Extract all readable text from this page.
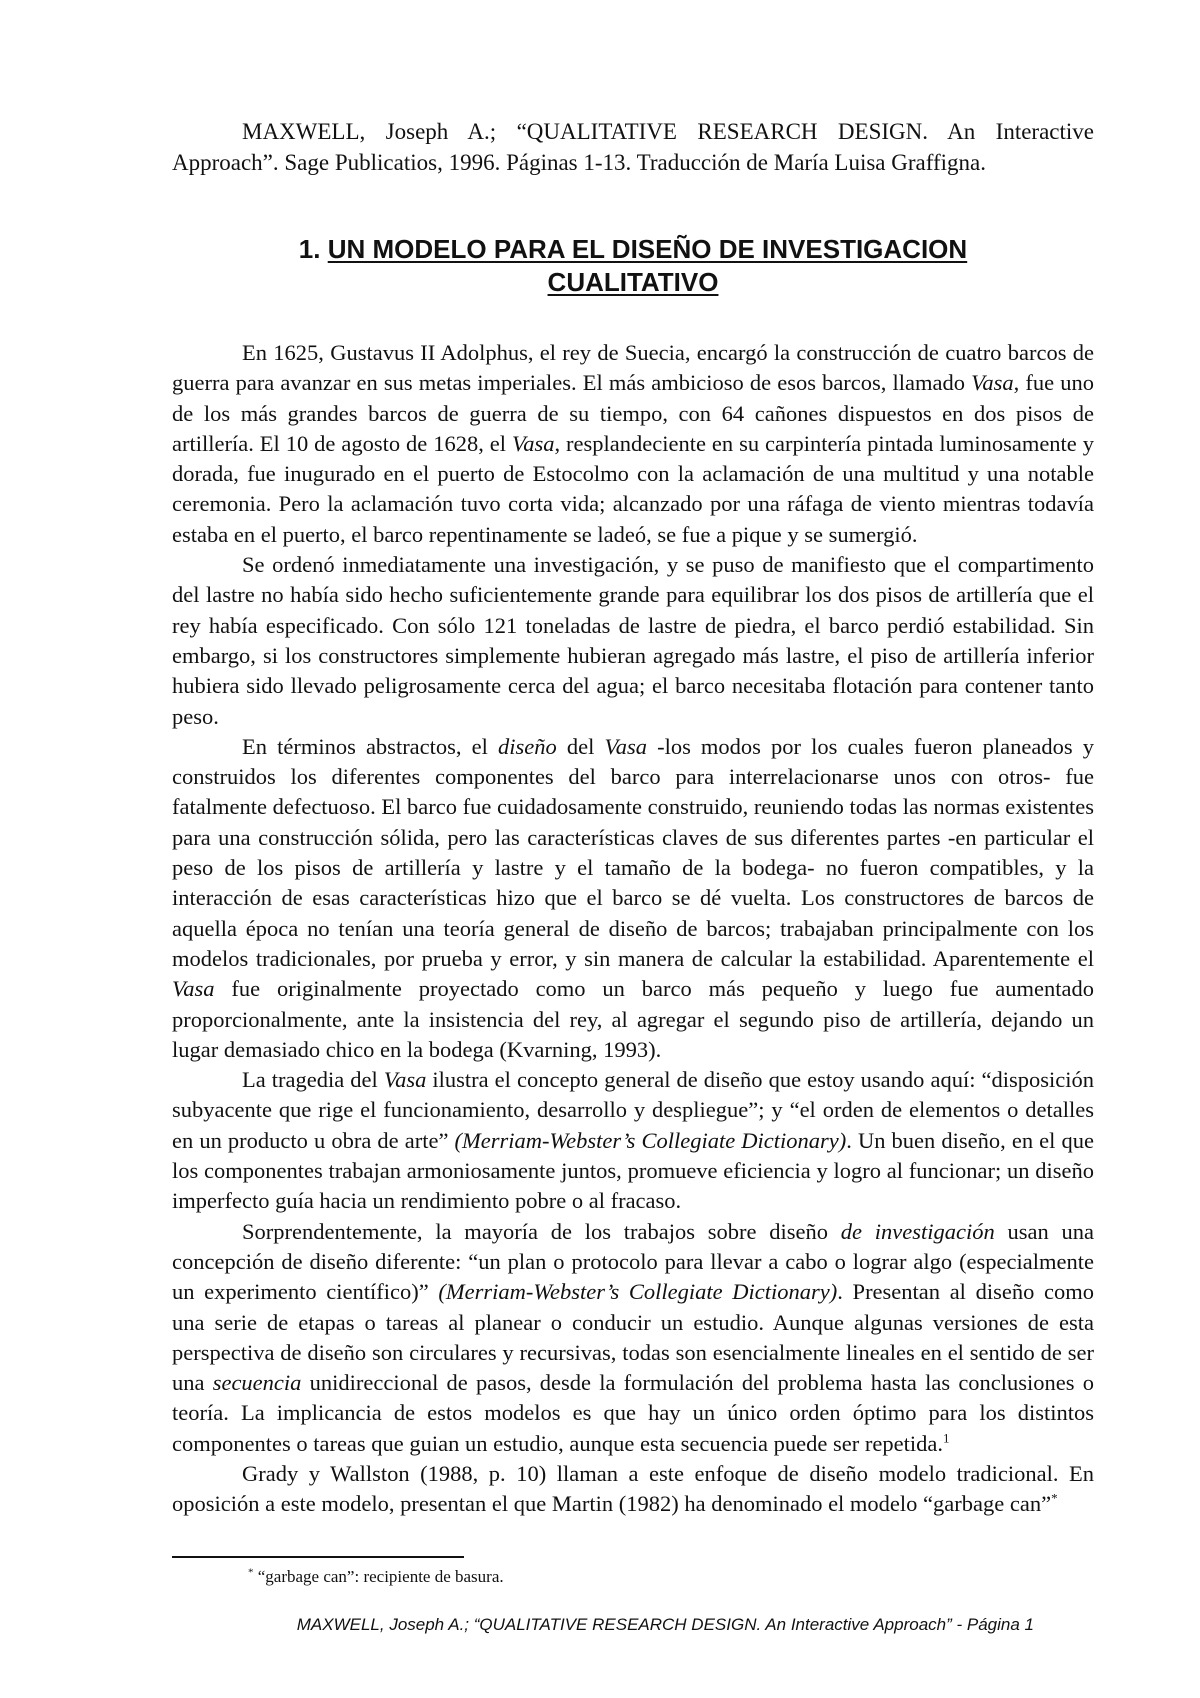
MAXWELL, Joseph A.; “QUALITATIVE RESEARCH DESIGN. An Interactive Approach”. Sage Publicatios, 1996. Páginas 1-13. Traducción de María Luisa Graffigna.
1. UN MODELO PARA EL DISEÑO DE INVESTIGACION
CUALITATIVO

En 1625, Gustavus II Adolphus, el rey de Suecia, encargó la construcción de cuatro barcos de guerra para avanzar en sus metas imperiales. El más ambicioso de esos barcos, llamado Vasa, fue uno de los más grandes barcos de guerra de su tiempo, con 64 cañones dispuestos en dos pisos de artillería. El 10 de agosto de 1628, el Vasa, resplandeciente en su carpintería pintada luminosamente y dorada, fue inugurado en el puerto de Estocolmo con la aclamación de una multitud y una notable ceremonia. Pero la aclamación tuvo corta vida; alcanzado por una ráfaga de viento mientras todavía estaba en el puerto, el barco repentinamente se ladeó, se fue a pique y se sumergió.

Se ordenó inmediatamente una investigación, y se puso de manifiesto que el compartimento del lastre no había sido hecho suficientemente grande para equilibrar los dos pisos de artillería que el rey había especificado. Con sólo 121 toneladas de lastre de piedra, el barco perdió estabilidad. Sin embargo, si los constructores simplemente hubieran agregado más lastre, el piso de artillería inferior hubiera sido llevado peligrosamente cerca del agua; el barco necesitaba flotación para contener tanto peso.

En términos abstractos, el diseño del Vasa -los modos por los cuales fueron planeados y construidos los diferentes componentes del barco para interrelacionarse unos con otros- fue fatalmente defectuoso. El barco fue cuidadosamente construido, reuniendo todas las normas existentes para una construcción sólida, pero las características claves de sus diferentes partes -en particular el peso de los pisos de artillería y lastre y el tamaño de la bodega- no fueron compatibles, y la interacción de esas características hizo que el barco se dé vuelta. Los constructores de barcos de aquella época no tenían una teoría general de diseño de barcos; trabajaban principalmente con los modelos tradicionales, por prueba y error, y sin manera de calcular la estabilidad. Aparentemente el Vasa fue originalmente proyectado como un barco más pequeño y luego fue aumentado proporcionalmente, ante la insistencia del rey, al agregar el segundo piso de artillería, dejando un lugar demasiado chico en la bodega (Kvarning, 1993).

La tragedia del Vasa ilustra el concepto general de diseño que estoy usando aquí: “disposición subyacente que rige el funcionamiento, desarrollo y despliegue”; y “el orden de elementos o detalles en un producto u obra de arte” (Merriam-Webster’s Collegiate Dictionary). Un buen diseño, en el que los componentes trabajan armoniosamente juntos, promueve eficiencia y logro al funcionar; un diseño imperfecto guía hacia un rendimiento pobre o al fracaso.

Sorprendentemente, la mayoría de los trabajos sobre diseño de investigación usan una concepción de diseño diferente: “un plan o protocolo para llevar a cabo o lograr algo (especialmente un experimento científico)” (Merriam-Webster’s Collegiate Dictionary). Presentan al diseño como una serie de etapas o tareas al planear o conducir un estudio. Aunque algunas versiones de esta perspectiva de diseño son circulares y recursivas, todas son esencialmente lineales en el sentido de ser una secuencia unidireccional de pasos, desde la formulación del problema hasta las conclusiones o teoría. La implicancia de estos modelos es que hay un único orden óptimo para los distintos componentes o tareas que guian un estudio, aunque esta secuencia puede ser repetida.$^1$

Grady y Wallston (1988, p. 10) llaman a este enfoque de diseño modelo tradicional. En oposición a este modelo, presentan el que Martin (1982) ha denominado el modelo “garbage can”*

* “garbage can”: recipiente de basura.
MAXWELL, Joseph A.; “QUALITATIVE RESEARCH DESIGN. An Interactive Approach” - Página 1
